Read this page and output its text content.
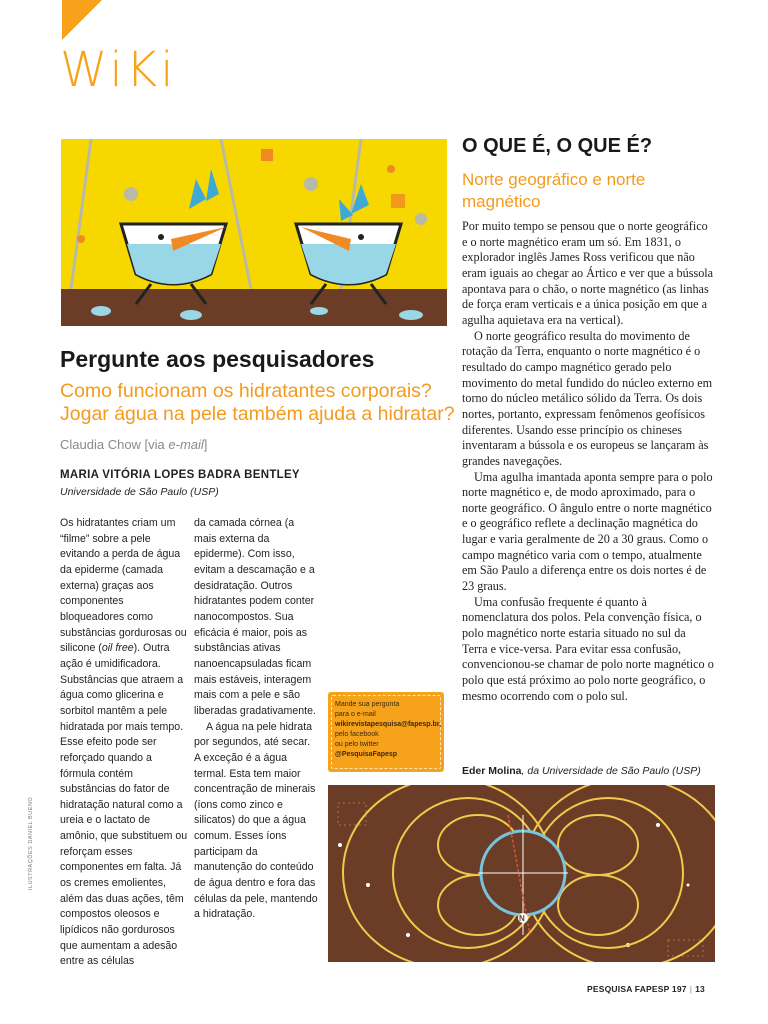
WiKi
Pergunte aos pesquisadores
Como funcionam os hidratantes corporais? Jogar água na pele também ajuda a hidratar?
Claudia Chow [via e-mail]
MARIA VITÓRIA LOPES BADRA BENTLEY
Universidade de São Paulo (USP)

Os hidratantes criam um “filme” sobre a pele evitando a perda de água da epiderme (camada externa) graças aos componentes bloqueadores como substâncias gordurosas ou silicone (oil free). Outra ação é umidificadora. Substâncias que atraem a água como glicerina e sorbitol mantêm a pele hidratada por mais tempo. Esse efeito pode ser reforçado quando a fórmula contém substâncias do fator de hidratação natural como a ureia e o lactato de amônio, que substituem ou reforçam esses componentes em falta. Já os cremes emolientes, além das duas ações, têm compostos oleosos e lipídicos não gordurosos que aumentam a adesão entre as células

da camada córnea (a mais externa da epiderme). Com isso, evitam a descamação e a desidratação. Outros hidratantes podem conter nanocompostos. Sua eficácia é maior, pois as substâncias ativas nanoencapsuladas ficam mais estáveis, interagem mais com a pele e são liberadas gradativamente.

A água na pele hidrata por segundos, até secar. A exceção é a água termal. Esta tem maior concentração de minerais (íons como zinco e silicatos) do que a água comum. Esses íons participam da manutenção do conteúdo de água dentro e fora das células da pele, mantendo a hidratação.

Mande sua pergunta
para o e-mail
wikirevistapesquisa@fapesp.br,
pelo facebook
ou pelo twitter
@PesquisaFapesp
ILUSTRAÇÕES DANIEL BUENO
O QUE É, O QUE É?
Norte geográfico e norte magnético

Por muito tempo se pensou que o norte geográfico e o norte magnético eram um só. Em 1831, o explorador inglês James Ross verificou que não eram iguais ao chegar ao Ártico e ver que a bússola apontava para o chão, o norte magnético (as linhas de força eram verticais e a única posição em que a agulha aquietava era na vertical).

O norte geográfico resulta do movimento de rotação da Terra, enquanto o norte magnético é o resultado do campo magnético gerado pelo movimento do metal fundido do núcleo externo em torno do núcleo metálico sólido da Terra. Os dois nortes, portanto, expressam fenômenos geofísicos diferentes. Usando esse princípio os chineses inventaram a bússola e os europeus se lançaram às grandes navegações.

Uma agulha imantada aponta sempre para o polo norte magnético e, de modo aproximado, para o norte geográfico. O ângulo entre o norte magnético e o geográfico reflete a declinação magnética do lugar e varia geralmente de 20 a 30 graus. Como o campo magnético varia com o tempo, atualmente em São Paulo a diferença entre os dois nortes é de 23 graus.

Uma confusão frequente é quanto à nomenclatura dos polos. Pela convenção física, o polo magnético norte estaria situado no sul da Terra e vice-versa. Para evitar essa confusão, convencionou-se chamar de polo norte magnético o polo que está próximo ao polo norte geográfico, o mesmo ocorrendo com o polo sul.

Eder Molina, da Universidade de São Paulo (USP)
N
PESQUISA FAPESP 197 | 13
